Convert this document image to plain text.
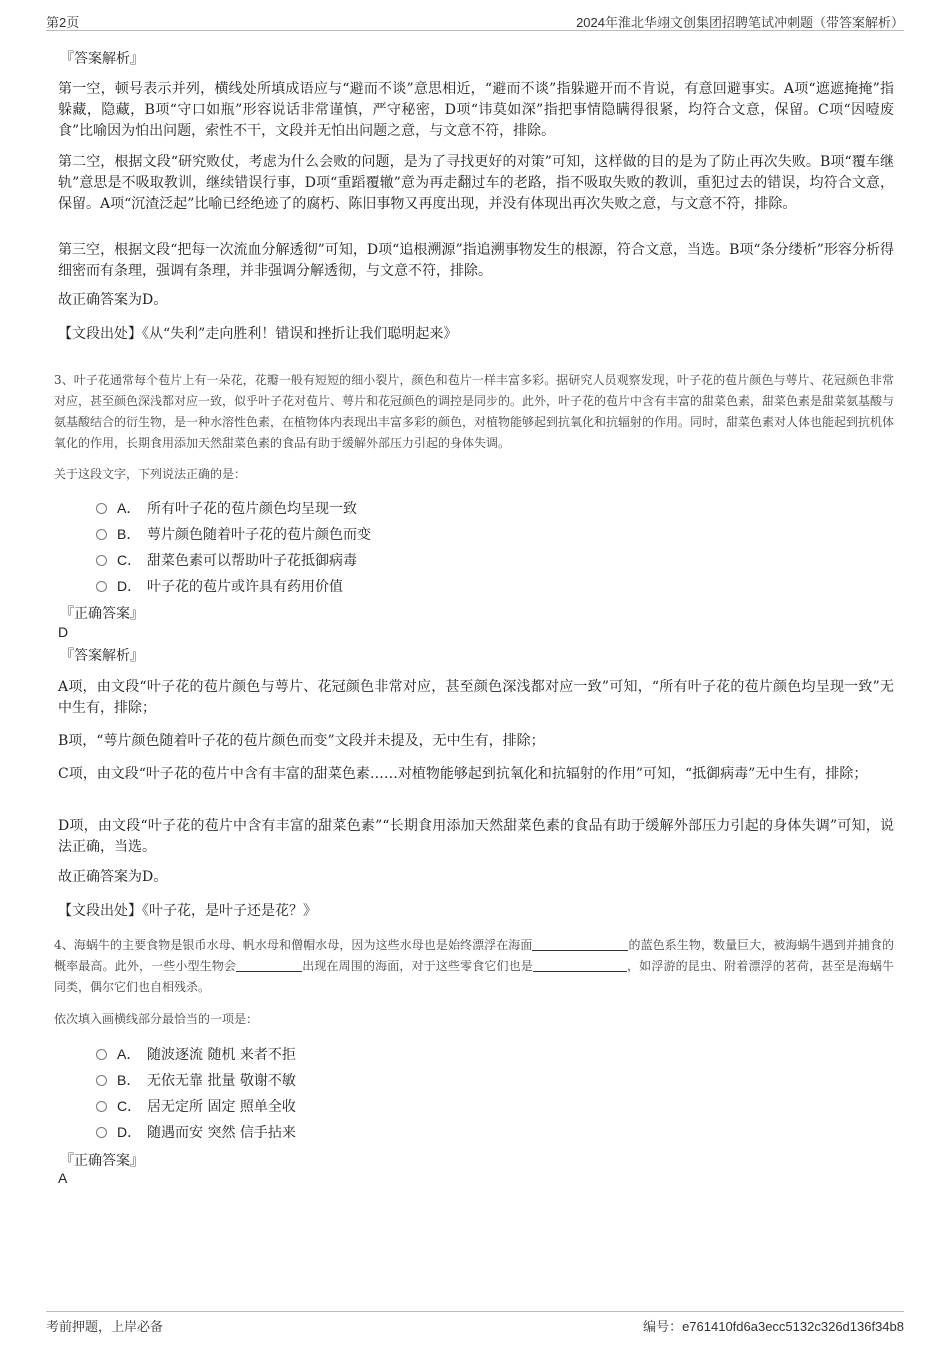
第2页	2024年淮北华翊文创集团招聘笔试冲刺题（带答案解析）
『答案解析』

第一空，顿号表示并列，横线处所填成语应与“避而不谈”意思相近，“避而不谈”指躲避开而不肯说，有意回避事实。A项“遮遮掩掩”指躲藏，隐藏，B项“守口如瓶”形容说话非常谨慎，严守秘密，D项“讳莫如深”指把事情隐瞒得很紧，均符合文意，保留。C项“因噎废食”比喻因为怕出问题，索性不干，文段并无怕出问题之意，与文意不符，排除。

第二空，根据文段“研究败仗，考虑为什么会败的问题，是为了寻找更好的对策”可知，这样做的目的是为了防止再次失败。B项“覆车继轨”意思是不吸取教训，继续错误行事，D项“重蹈覆辙”意为再走翻过车的老路，指不吸取失败的教训，重犯过去的错误，均符合文意，保留。A项“沉渣泛起”比喻已经绝迹了的腐朽、陈旧事物又再度出现，并没有体现出再次失败之意，与文意不符，排除。

第三空，根据文段“把每一次流血分解透彻”可知，D项“追根溯源”指追溯事物发生的根源，符合文意，当选。B项“条分缕析”形容分析得细密而有条理，强调有条理，并非强调分解透彻，与文意不符，排除。

故正确答案为D。

【文段出处】《从“失利”走向胜利！错误和挫折让我们聪明起来》

3、叶子花通常每个苞片上有一朵花，花瓣一般有短短的细小裂片，颜色和苞片一样丰富多彩。据研究人员观察发现，叶子花的苞片颜色与萼片、花冠颜色非常对应，甚至颜色深浅都对应一致，似乎叶子花对苞片、萼片和花冠颜色的调控是同步的。此外，叶子花的苞片中含有丰富的甜菜色素，甜菜色素是甜菜氨基酸与氨基酸结合的衍生物，是一种水溶性色素，在植物体内表现出丰富多彩的颜色，对植物能够起到抗氧化和抗辐射的作用。同时，甜菜色素对人体也能起到抗机体氧化的作用，长期食用添加天然甜菜色素的食品有助于缓解外部压力引起的身体失调。

关于这段文字，下列说法正确的是：
A． 所有叶子花的苞片颜色均呈现一致
B． 萼片颜色随着叶子花的苞片颜色而变
C． 甜菜色素可以帮助叶子花抵御病毒
D． 叶子花的苞片或许具有药用价值
『正确答案』
D
『答案解析』

A项，由文段“叶子花的苞片颜色与萼片、花冠颜色非常对应，甚至颜色深浅都对应一致”可知，“所有叶子花的苞片颜色均呈现一致”无中生有，排除；

B项，“萼片颜色随着叶子花的苞片颜色而变”文段并未提及，无中生有，排除；

C项，由文段“叶子花的苞片中含有丰富的甜菜色素……对植物能够起到抗氧化和抗辐射的作用”可知，“抵御病毒”无中生有，排除；

D项，由文段“叶子花的苞片中含有丰富的甜菜色素”“长期食用添加天然甜菜色素的食品有助于缓解外部压力引起的身体失调”可知，说法正确，当选。

故正确答案为D。

【文段出处】《叶子花，是叶子还是花？》

4、海蜗牛的主要食物是银币水母、帆水母和僧帽水母，因为这些水母也是始终漂浮在海面	的蓝色系生物，数量巨大，被海蜗牛遇到并捕食的概率最高。此外，一些小型生物会	出现在周围的海面，对于这些零食它们也是	，如浮游的昆虫、附着漂浮的茗荷，甚至是海蜗牛同类，偶尔它们也自相残杀。

依次填入画横线部分最恰当的一项是：
A． 随波逐流 随机 来者不拒
B． 无依无靠 批量 敬谢不敏
C． 居无定所 固定 照单全收
D． 随遇而安 突然 信手拈来
『正确答案』
A
考前押题，上岸必备	编号：e761410fd6a3ecc5132c326d136f34b8
